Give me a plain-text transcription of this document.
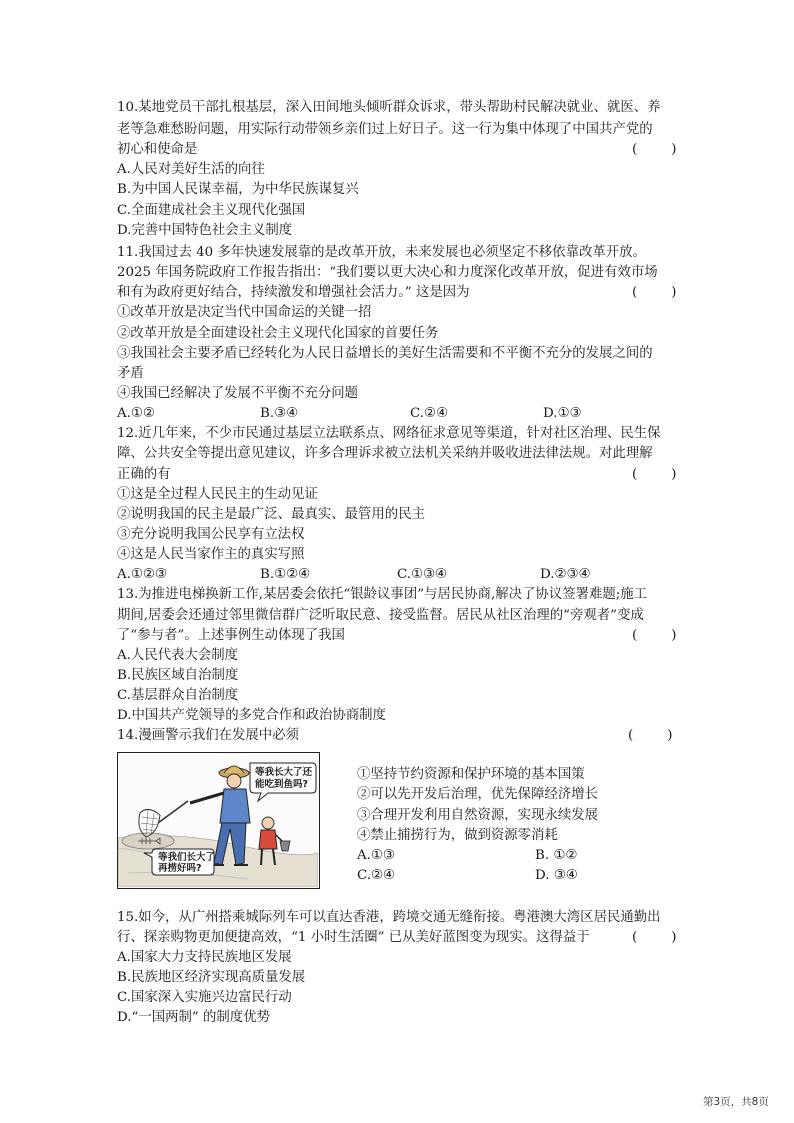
10.某地党员干部扎根基层，深入田间地头倾听群众诉求，带头帮助村民解决就业、就医、养
老等急难愁盼问题，用实际行动带领乡亲们过上好日子。这一行为集中体现了中国共产党的
初心和使命是	(        )
A.人民对美好生活的向往
B.为中国人民谋幸福，为中华民族谋复兴
C.全面建成社会主义现代化强国
D.完善中国特色社会主义制度
11.我国过去 40 多年快速发展靠的是改革开放，未来发展也必须坚定不移依靠改革开放。
2025 年国务院政府工作报告指出：“我们要以更大决心和力度深化改革开放，促进有效市场
和有为政府更好结合，持续激发和增强社会活力。” 这是因为	(        )
①改革开放是决定当代中国命运的关键一招
②改革开放是全面建设社会主义现代化国家的首要任务
③我国社会主要矛盾已经转化为人民日益增长的美好生活需要和不平衡不充分的发展之间的
矛盾
④我国已经解决了发展不平衡不充分问题
A.①②	B.③④	C.②④	D.①③
12.近几年来，不少市民通过基层立法联系点、网络征求意见等渠道，针对社区治理、民生保
障、公共安全等提出意见建议，许多合理诉求被立法机关采纳并吸收进法律法规。对此理解
正确的有	(        )
①这是全过程人民民主的生动见证
②说明我国的民主是最广泛、最真实、最管用的民主
③充分说明我国公民享有立法权
④这是人民当家作主的真实写照
A.①②③	B.①②④	C.①③④	D.②③④
13.为推进电梯换新工作,某居委会依托“银龄议事团”与居民协商,解决了协议签署难题;施工
期间,居委会还通过邻里微信群广泛听取民意、接受监督。居民从社区治理的“旁观者”变成
了“参与者”。上述事例生动体现了我国	(        )
A.人民代表大会制度
B.民族区域自治制度
C.基层群众自治制度
D.中国共产党领导的多党合作和政治协商制度
14.漫画警示我们在发展中必须	(        )
等我长大了还
能吃到鱼吗?
等我们长大了
再捞好吗?
①坚持节约资源和保护环境的基本国策
②可以先开发后治理，优先保障经济增长
③合理开发利用自然资源，实现永续发展
④禁止捕捞行为，做到资源零消耗
A.①③	B. ①②
C.②④	D. ③④
15.如今，从广州搭乘城际列车可以直达香港，跨境交通无缝衔接。粤港澳大湾区居民通勤出
行、探亲购物更加便捷高效，“1 小时生活圈” 已从美好蓝图变为现实。这得益于	(        )
A.国家大力支持民族地区发展
B.民族地区经济实现高质量发展
C.国家深入实施兴边富民行动
D.“一国两制” 的制度优势
第3页，共8页
